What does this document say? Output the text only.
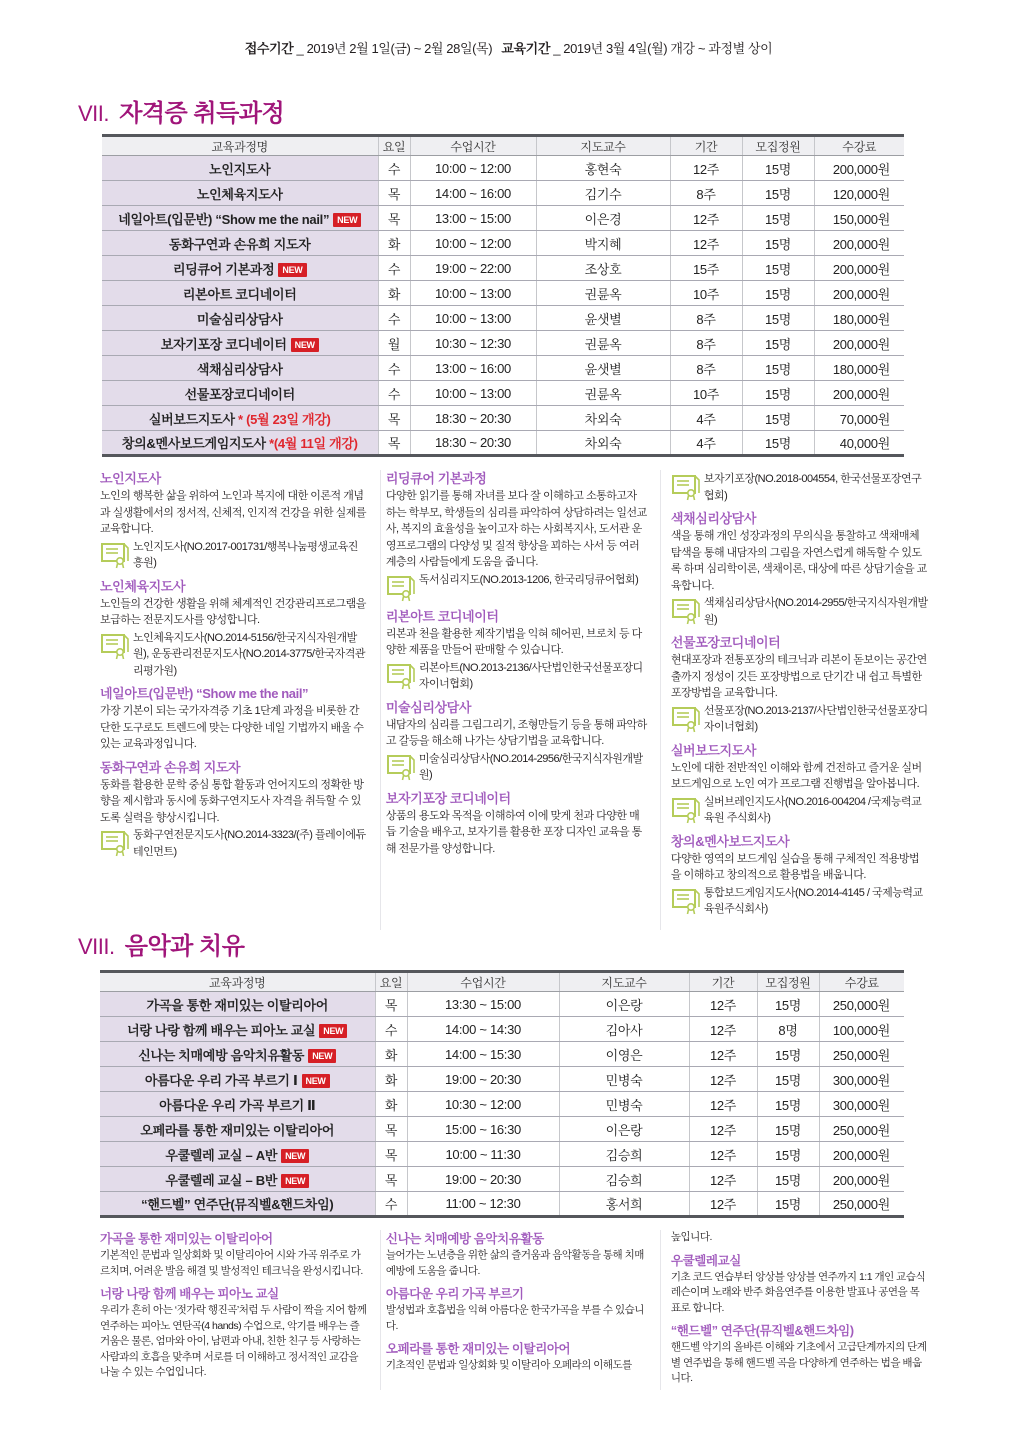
접수기간 _ 2019년 2월 1일(금) ~ 2월 28일(목) 교육기간 _ 2019년 3월 4일(월) 개강 ~ 과정별 상이
VII. 자격증 취득과정
교육과정명	요일	수업시간	지도교수	기간	모집정원	수강료
노인지도사	수	10:00 ~ 12:00	홍현숙	12주	15명	200,000원
노인체육지도사	목	14:00 ~ 16:00	김기수	8주	15명	120,000원
네일아트(입문반) “Show me the nail” NEW	목	13:00 ~ 15:00	이은경	12주	15명	150,000원
동화구연과 손유희 지도자	화	10:00 ~ 12:00	박지혜	12주	15명	200,000원
리딩큐어 기본과정 NEW	수	19:00 ~ 22:00	조상호	15주	15명	200,000원
리본아트 코디네이터	화	10:00 ~ 13:00	권륜옥	10주	15명	200,000원
미술심리상담사	수	10:00 ~ 13:00	윤샛별	8주	15명	180,000원
보자기포장 코디네이터 NEW	월	10:30 ~ 12:30	권륜옥	8주	15명	200,000원
색채심리상담사	수	13:00 ~ 16:00	윤샛별	8주	15명	180,000원
선물포장코디네이터	수	10:00 ~ 13:00	권륜옥	10주	15명	200,000원
실버보드지도사 * (5월 23일 개강)	목	18:30 ~ 20:30	차외숙	4주	15명	70,000원
창의&멘사보드게임지도사 *(4월 11일 개강)	목	18:30 ~ 20:30	차외숙	4주	15명	40,000원
노인지도사

노인의 행복한 삶을 위하여 노인과 복지에 대한 이론적 개념과 실생활에서의 정서적, 신체적, 인지적 건강을 위한 실제를 교육합니다.

노인지도사(NO.2017-001731/행복나눔평생교육진흥원)
노인체육지도사

노인들의 건강한 생활을 위해 체계적인 건강관리프로그램을 보급하는 전문지도사를 양성합니다.

노인체육지도사(NO.2014-5156/한국지식자원개발원), 운동관리전문지도사(NO.2014-3775/한국자격관리평가원)
네일아트(입문반) “Show me the nail”

가장 기본이 되는 국가자격증 기초 1단계 과정을 비롯한 간단한 도구로도 트렌드에 맞는 다양한 네일 기법까지 배울 수 있는 교육과정입니다.

동화구연과 손유희 지도자

동화를 활용한 문학 중심 통합 활동과 언어지도의 정확한 방향을 제시함과 동시에 동화구연지도사 자격을 취득할 수 있도록 실력을 향상시킵니다.

동화구연전문지도사(NO.2014-3323/(주) 플레이에듀테인먼트)
리딩큐어 기본과정

다양한 읽기를 통해 자녀를 보다 잘 이해하고 소통하고자 하는 학부모, 학생들의 심리를 파악하여 상담하려는 일선교사, 복지의 효율성을 높이고자 하는 사회복지사, 도서관 운영프로그램의 다양성 및 질적 향상을 꾀하는 사서 등 여러 계층의 사람들에게 도움을 줍니다.

독서심리지도(NO.2013-1206, 한국리딩큐어협회)
리본아트 코디네이터

리본과 천을 활용한 제작기법을 익혀 헤어핀, 브로치 등 다양한 제품을 만들어 판매할 수 있습니다.

리본아트(NO.2013-2136/사단법인한국선물포장디자이너협회)
미술심리상담사

내담자의 심리를 그림그리기, 조형만들기 등을 통해 파악하고 갈등을 해소해 나가는 상담기법을 교육합니다.

미술심리상담사(NO.2014-2956/한국지식자원개발원)
보자기포장 코디네이터

상품의 용도와 목적을 이해하여 이에 맞게 천과 다양한 매듭 기술을 배우고, 보자기를 활용한 포장 디자인 교육을 통해 전문가를 양성합니다.

보자기포장(NO.2018-004554, 한국선물포장연구협회)
색채심리상담사

색을 통해 개인 성장과정의 무의식을 통찰하고 색채매체 탐색을 통해 내담자의 그림을 자연스럽게 해독할 수 있도록 하며 심리학이론, 색채이론, 대상에 따른 상담기술을 교육합니다.

색채심리상담사(NO.2014-2955/한국지식자원개발원)
선물포장코디네이터

현대포장과 전통포장의 테크닉과 리본이 돋보이는 공간연출까지 정성이 깃든 포장방법으로 단기간 내 쉽고 특별한 포장방법을 교육합니다.

선물포장(NO.2013-2137/사단법인한국선물포장디자이너협회)
실버보드지도사

노인에 대한 전반적인 이해와 함께 건전하고 즐거운 실버보드게임으로 노인 여가 프로그램 진행법을 알아봅니다.

실버브레인지도사(NO.2016-004204 /국제능력교육원 주식회사)
창의&멘사보드지도사

다양한 영역의 보드게임 실습을 통해 구체적인 적용방법을 이해하고 창의적으로 활용법을 배웁니다.

통합보드게임지도사(NO.2014-4145 / 국제능력교육원주식회사)
VIII. 음악과 치유
교육과정명	요일	수업시간	지도교수	기간	모집정원	수강료
가곡을 통한 재미있는 이탈리아어	목	13:30 ~ 15:00	이은랑	12주	15명	250,000원
너랑 나랑 함께 배우는 피아노 교실 NEW	수	14:00 ~ 14:30	김아사	12주	8명	100,000원
신나는 치매예방 음악치유활동 NEW	화	14:00 ~ 15:30	이영은	12주	15명	250,000원
아름다운 우리 가곡 부르기 Ⅰ NEW	화	19:00 ~ 20:30	민병숙	12주	15명	300,000원
아름다운 우리 가곡 부르기 Ⅱ	화	10:30 ~ 12:00	민병숙	12주	15명	300,000원
오페라를 통한 재미있는 이탈리아어	목	15:00 ~ 16:30	이은랑	12주	15명	250,000원
우쿨렐레 교실 – A반 NEW	목	10:00 ~ 11:30	김승희	12주	15명	200,000원
우쿨렐레 교실 – B반 NEW	목	19:00 ~ 20:30	김승희	12주	15명	200,000원
“핸드벨” 연주단(뮤직벨&핸드차임)	수	11:00 ~ 12:30	홍서희	12주	15명	250,000원
가곡을 통한 재미있는 이탈리아어

기본적인 문법과 일상회화 및 이탈리아어 시와 가곡 위주로 가르치며, 어려운 발음 해결 및 발성적인 테크닉을 완성시킵니다.

너랑 나랑 함께 배우는 피아노 교실

우리가 흔히 아는 ‘젓가락 행진곡’처럼 두 사람이 짝을 지어 함께 연주하는 피아노 연탄곡(4 hands) 수업으로, 악기를 배우는 즐거움은 물론, 엄마와 아이, 남편과 아내, 친한 친구 등 사랑하는 사람과의 호흡을 맞추며 서로를 더 이해하고 정서적인 교감을 나눌 수 있는 수업입니다.

신나는 치매예방 음악치유활동

늘어가는 노년층을 위한 삶의 즐거움과 음악활동을 통해 치매예방에 도움을 줍니다.

아름다운 우리 가곡 부르기

발성법과 호흡법을 익혀 아름다운 한국가곡을 부를 수 있습니다.

오페라를 통한 재미있는 이탈리아어

기초적인 문법과 일상회화 및 이탈리아 오페라의 이해도를

높입니다.

우쿨렐레교실

기초 코드 연습부터 앙상블 앙상블 연주까지 1:1 개인 교습식 레슨이며 노래와 반주 화음연주를 이용한 발표나 공연을 목표로 합니다.

“핸드벨” 연주단(뮤직벨&핸드차임)

핸드벨 악기의 올바른 이해와 기초에서 고급단계까지의 단계별 연주법을 통해 핸드벨 곡을 다양하게 연주하는 법을 배웁니다.
